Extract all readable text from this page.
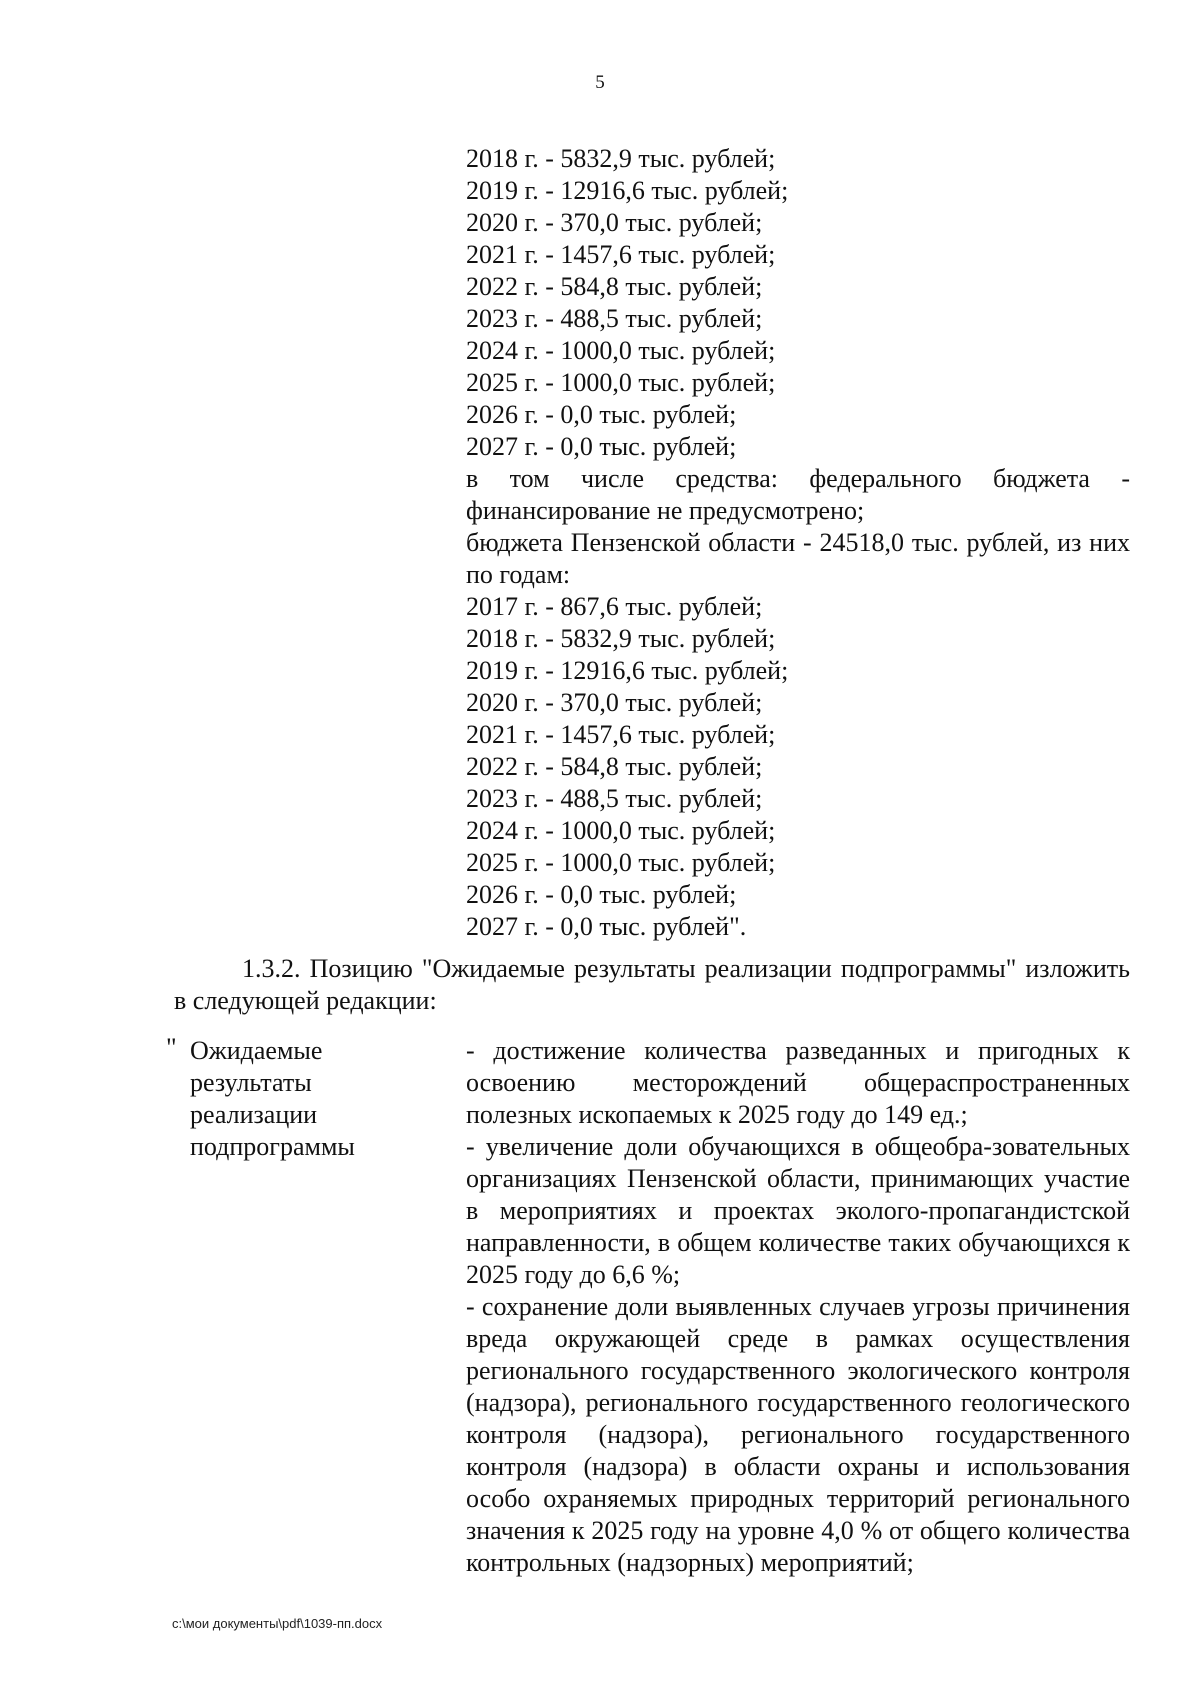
5
2018 г. - 5832,9 тыс. рублей;
2019 г. - 12916,6 тыс. рублей;
2020 г. - 370,0 тыс. рублей;
2021 г. - 1457,6 тыс. рублей;
2022 г. - 584,8 тыс. рублей;
2023 г. - 488,5 тыс. рублей;
2024 г. - 1000,0 тыс. рублей;
2025 г. - 1000,0 тыс. рублей;
2026 г. - 0,0 тыс. рублей;
2027 г. - 0,0 тыс. рублей;
в том числе средства: федерального бюджета - финансирование не предусмотрено;
бюджета Пензенской области - 24518,0 тыс. рублей, из них по годам:
2017 г. - 867,6 тыс. рублей;
2018 г. - 5832,9 тыс. рублей;
2019 г. - 12916,6 тыс. рублей;
2020 г. - 370,0 тыс. рублей;
2021 г. - 1457,6 тыс. рублей;
2022 г. - 584,8 тыс. рублей;
2023 г. - 488,5 тыс. рублей;
2024 г. - 1000,0 тыс. рублей;
2025 г. - 1000,0 тыс. рублей;
2026 г. - 0,0 тыс. рублей;
2027 г. - 0,0 тыс. рублей".
1.3.2. Позицию "Ожидаемые результаты реализации подпрограммы" изложить в следующей редакции:
" Ожидаемые
результаты
реализации
подпрограммы
- достижение количества разведанных и пригодных к освоению месторождений общераспространенных полезных ископаемых к 2025 году до 149 ед.;
- увеличение доли обучающихся в общеобра-зовательных организациях Пензенской области, принимающих участие в мероприятиях и проектах эколого-пропагандистской направленности, в общем количестве таких обучающихся к 2025 году до 6,6 %;
- сохранение доли выявленных случаев угрозы причинения вреда окружающей среде в рамках осуществления регионального государственного экологического контроля (надзора), регионального государственного геологического контроля (надзора), регионального государственного контроля (надзора) в области охраны и использования особо охраняемых природных территорий регионального значения к 2025 году на уровне 4,0 % от общего количества контрольных (надзорных) мероприятий;
c:\мои документы\pdf\1039-пп.docx
